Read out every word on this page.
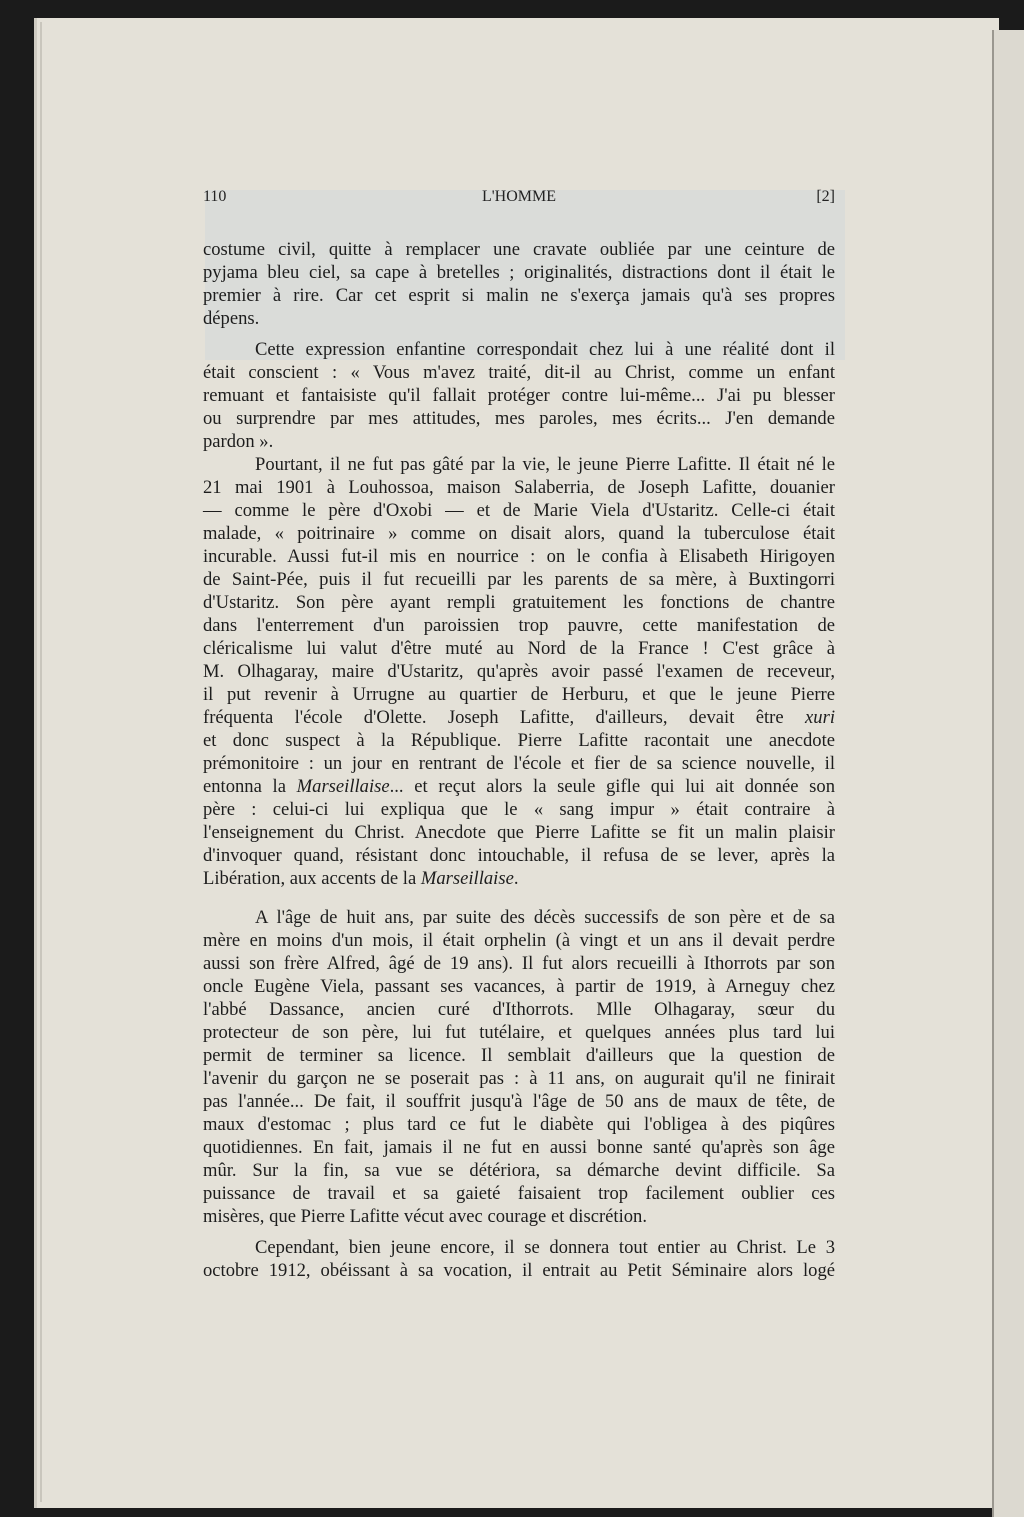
110	L'HOMME	[2]
costume civil, quitte à remplacer une cravate oubliée par une ceinture de
pyjama bleu ciel, sa cape à bretelles ; originalités, distractions dont il était le
premier à rire. Car cet esprit si malin ne s'exerça jamais qu'à ses propres
dépens.
Cette expression enfantine correspondait chez lui à une réalité dont il
était conscient : « Vous m'avez traité, dit-il au Christ, comme un enfant
remuant et fantaisiste qu'il fallait protéger contre lui-même... J'ai pu blesser
ou surprendre par mes attitudes, mes paroles, mes écrits... J'en demande
pardon ».
Pourtant, il ne fut pas gâté par la vie, le jeune Pierre Lafitte. Il était né le
21 mai 1901 à Louhossoa, maison Salaberria, de Joseph Lafitte, douanier
— comme le père d'Oxobi — et de Marie Viela d'Ustaritz. Celle-ci était
malade, « poitrinaire » comme on disait alors, quand la tuberculose était
incurable. Aussi fut-il mis en nourrice : on le confia à Elisabeth Hirigoyen
de Saint-Pée, puis il fut recueilli par les parents de sa mère, à Buxtingorri
d'Ustaritz. Son père ayant rempli gratuitement les fonctions de chantre
dans l'enterrement d'un paroissien trop pauvre, cette manifestation de
cléricalisme lui valut d'être muté au Nord de la France ! C'est grâce à
M. Olhagaray, maire d'Ustaritz, qu'après avoir passé l'examen de receveur,
il put revenir à Urrugne au quartier de Herburu, et que le jeune Pierre
fréquenta l'école d'Olette. Joseph Lafitte, d'ailleurs, devait être xuri
et donc suspect à la République. Pierre Lafitte racontait une anecdote
prémonitoire : un jour en rentrant de l'école et fier de sa science nouvelle, il
entonna la Marseillaise... et reçut alors la seule gifle qui lui ait donnée son
père : celui-ci lui expliqua que le « sang impur » était contraire à
l'enseignement du Christ. Anecdote que Pierre Lafitte se fit un malin plaisir
d'invoquer quand, résistant donc intouchable, il refusa de se lever, après la
Libération, aux accents de la Marseillaise.
A l'âge de huit ans, par suite des décès successifs de son père et de sa
mère en moins d'un mois, il était orphelin (à vingt et un ans il devait perdre
aussi son frère Alfred, âgé de 19 ans). Il fut alors recueilli à Ithorrots par son
oncle Eugène Viela, passant ses vacances, à partir de 1919, à Arneguy chez
l'abbé Dassance, ancien curé d'Ithorrots. Mlle Olhagaray, sœur du
protecteur de son père, lui fut tutélaire, et quelques années plus tard lui
permit de terminer sa licence. Il semblait d'ailleurs que la question de
l'avenir du garçon ne se poserait pas : à 11 ans, on augurait qu'il ne finirait
pas l'année... De fait, il souffrit jusqu'à l'âge de 50 ans de maux de tête, de
maux d'estomac ; plus tard ce fut le diabète qui l'obligea à des piqûres
quotidiennes. En fait, jamais il ne fut en aussi bonne santé qu'après son âge
mûr. Sur la fin, sa vue se détériora, sa démarche devint difficile. Sa
puissance de travail et sa gaieté faisaient trop facilement oublier ces
misères, que Pierre Lafitte vécut avec courage et discrétion.
Cependant, bien jeune encore, il se donnera tout entier au Christ. Le 3
octobre 1912, obéissant à sa vocation, il entrait au Petit Séminaire alors logé
